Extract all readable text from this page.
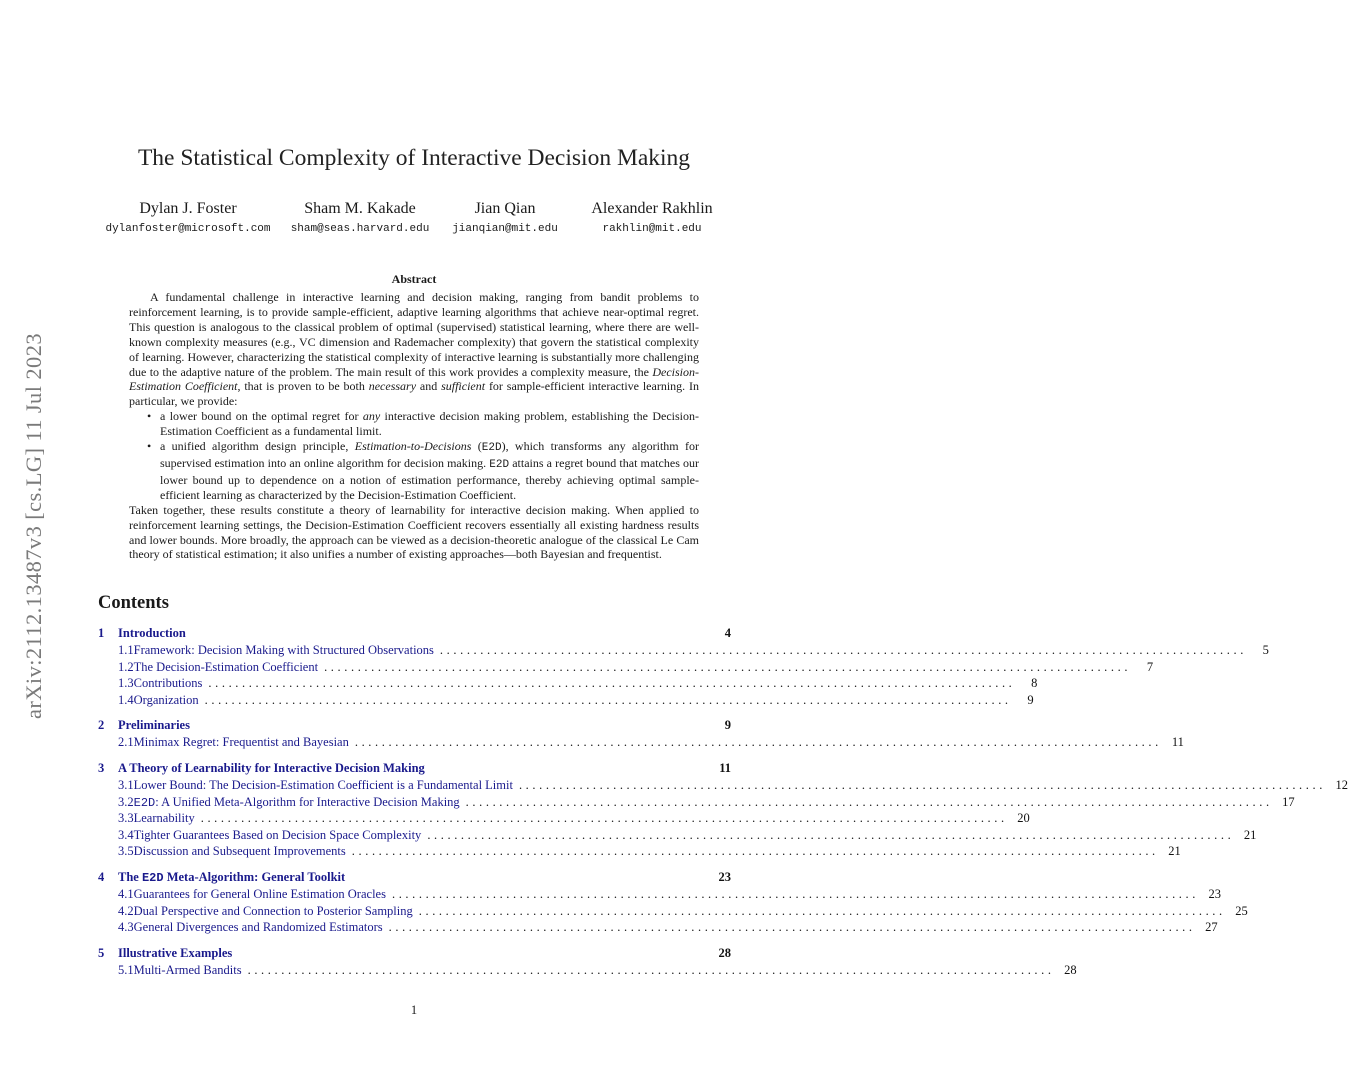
arXiv:2112.13487v3 [cs.LG] 11 Jul 2023
The Statistical Complexity of Interactive Decision Making
Dylan J. Foster
dylanfoster@microsoft.com
Sham M. Kakade
sham@seas.harvard.edu
Jian Qian
jianqian@mit.edu
Alexander Rakhlin
rakhlin@mit.edu
Abstract

A fundamental challenge in interactive learning and decision making, ranging from bandit problems to reinforcement learning, is to provide sample-efficient, adaptive learning algorithms that achieve near-optimal regret. This question is analogous to the classical problem of optimal (supervised) statistical learning, where there are well-known complexity measures (e.g., VC dimension and Rademacher complexity) that govern the statistical complexity of learning. However, characterizing the statistical complexity of interactive learning is substantially more challenging due to the adaptive nature of the problem. The main result of this work provides a complexity measure, the Decision-Estimation Coefficient, that is proven to be both necessary and sufficient for sample-efficient interactive learning. In particular, we provide:

• a lower bound on the optimal regret for any interactive decision making problem, establishing the Decision-Estimation Coefficient as a fundamental limit.
• a unified algorithm design principle, Estimation-to-Decisions (E2D), which transforms any algorithm for supervised estimation into an online algorithm for decision making. E2D attains a regret bound that matches our lower bound up to dependence on a notion of estimation performance, thereby achieving optimal sample-efficient learning as characterized by the Decision-Estimation Coefficient.

Taken together, these results constitute a theory of learnability for interactive decision making. When applied to reinforcement learning settings, the Decision-Estimation Coefficient recovers essentially all existing hardness results and lower bounds. More broadly, the approach can be viewed as a decision-theoretic analogue of the classical Le Cam theory of statistical estimation; it also unifies a number of existing approaches—both Bayesian and frequentist.

Contents
1	Introduction	4
1.1 Framework: Decision Making with Structured Observations ........................................................................................................................	5
1.2 The Decision-Estimation Coefficient ........................................................................................................................	7
1.3 Contributions ........................................................................................................................	8
1.4 Organization ........................................................................................................................	9
2	Preliminaries	9
2.1 Minimax Regret: Frequentist and Bayesian ........................................................................................................................ 11
3	A Theory of Learnability for Interactive Decision Making	11
3.1 Lower Bound: The Decision-Estimation Coefficient is a Fundamental Limit ........................................................................................................................ 12
3.2 E2D: A Unified Meta-Algorithm for Interactive Decision Making ........................................................................................................................ 17
3.3 Learnability ........................................................................................................................ 20
3.4 Tighter Guarantees Based on Decision Space Complexity ........................................................................................................................ 21
3.5 Discussion and Subsequent Improvements ........................................................................................................................ 21
4	The E2D Meta-Algorithm: General Toolkit	23
4.1 Guarantees for General Online Estimation Oracles ........................................................................................................................ 23
4.2 Dual Perspective and Connection to Posterior Sampling ........................................................................................................................ 25
4.3 General Divergences and Randomized Estimators ........................................................................................................................ 27
5	Illustrative Examples	28
5.1 Multi-Armed Bandits ........................................................................................................................ 28
1
